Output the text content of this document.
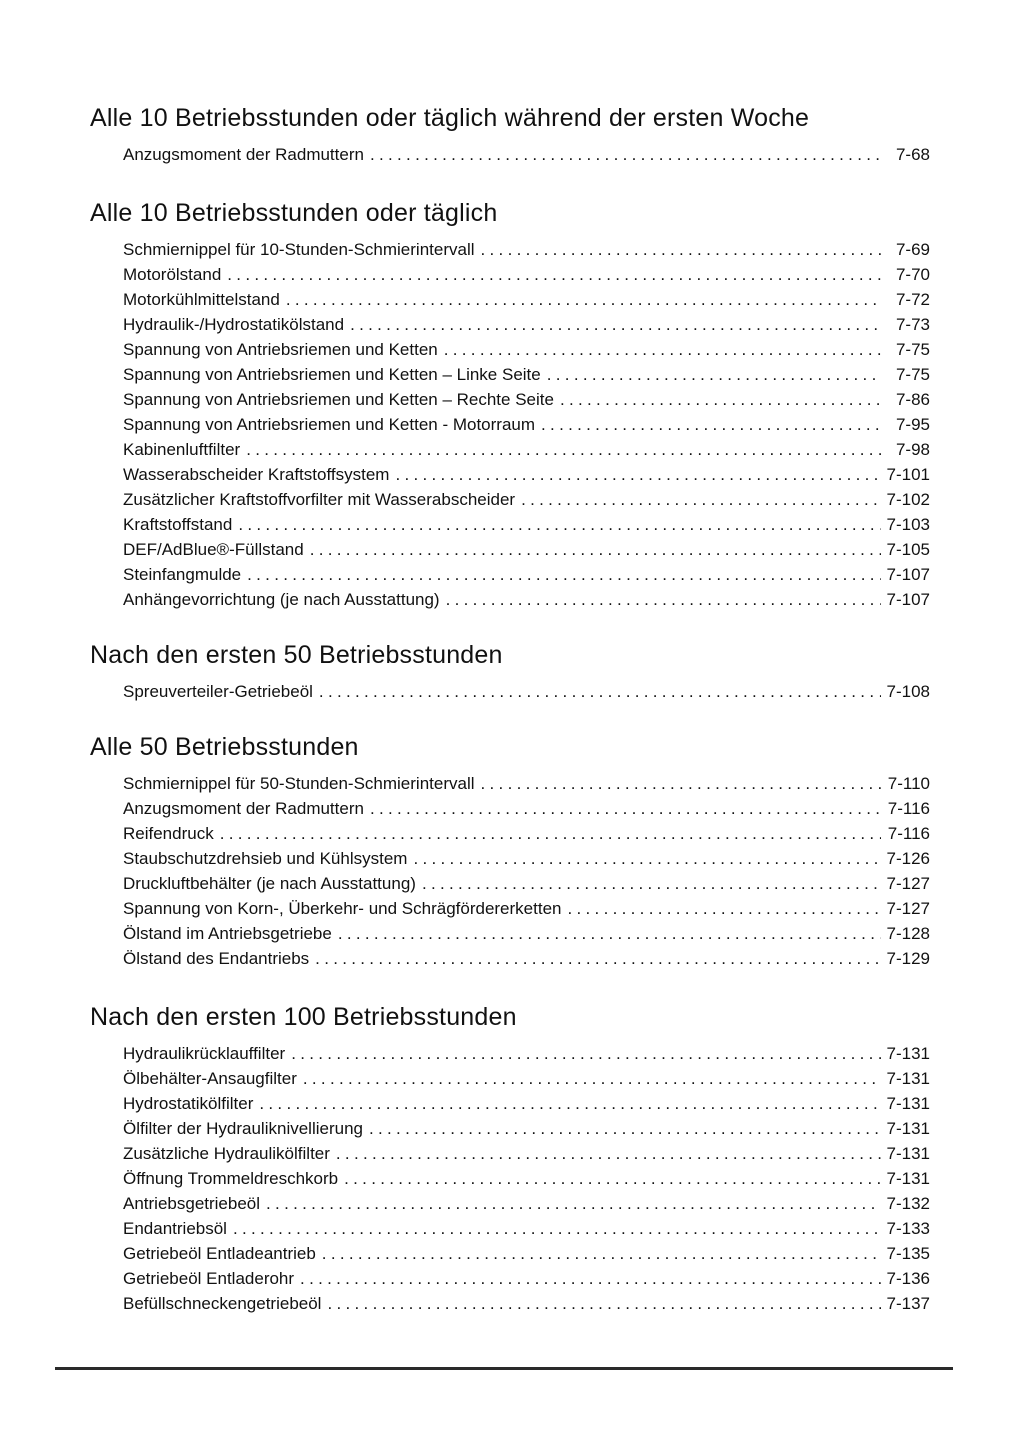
Alle 10 Betriebsstunden oder täglich während der ersten Woche
Anzugsmoment der Radmuttern .....	7-68
Alle 10 Betriebsstunden oder täglich
Schmiernippel für 10-Stunden-Schmierintervall .....	7-69
Motorölstand .....	7-70
Motorkühlmittelstand .....	7-72
Hydraulik-/Hydrostatikölstand .....	7-73
Spannung von Antriebsriemen und Ketten .....	7-75
Spannung von Antriebsriemen und Ketten – Linke Seite .....	7-75
Spannung von Antriebsriemen und Ketten – Rechte Seite .....	7-86
Spannung von Antriebsriemen und Ketten - Motorraum .....	7-95
Kabinenluftfilter .....	7-98
Wasserabscheider Kraftstoffsystem .....	7-101
Zusätzlicher Kraftstoffvorfilter mit Wasserabscheider .....	7-102
Kraftstoffstand .....	7-103
DEF/AdBlue®-Füllstand .....	7-105
Steinfangmulde .....	7-107
Anhängevorrichtung (je nach Ausstattung) .....	7-107
Nach den ersten 50 Betriebsstunden
Spreuverteiler-Getriebeöl .....	7-108
Alle 50 Betriebsstunden
Schmiernippel für 50-Stunden-Schmierintervall .....	7-110
Anzugsmoment der Radmuttern .....	7-116
Reifendruck .....	7-116
Staubschutzdrehsieb und Kühlsystem .....	7-126
Druckluftbehälter (je nach Ausstattung) .....	7-127
Spannung von Korn-, Überkehr- und Schrägfördererketten .....	7-127
Ölstand im Antriebsgetriebe .....	7-128
Ölstand des Endantriebs .....	7-129
Nach den ersten 100 Betriebsstunden
Hydraulikrücklauffilter .....	7-131
Ölbehälter-Ansaugfilter .....	7-131
Hydrostatikölfilter .....	7-131
Ölfilter der Hydrauliknivellierung .....	7-131
Zusätzliche Hydraulikölfilter .....	7-131
Öffnung Trommeldreschkorb .....	7-131
Antriebsgetriebeöl .....	7-132
Endantriebsöl .....	7-133
Getriebeöl Entladeantrieb .....	7-135
Getriebeöl Entladerohr .....	7-136
Befüllschneckengetriebeöl .....	7-137
